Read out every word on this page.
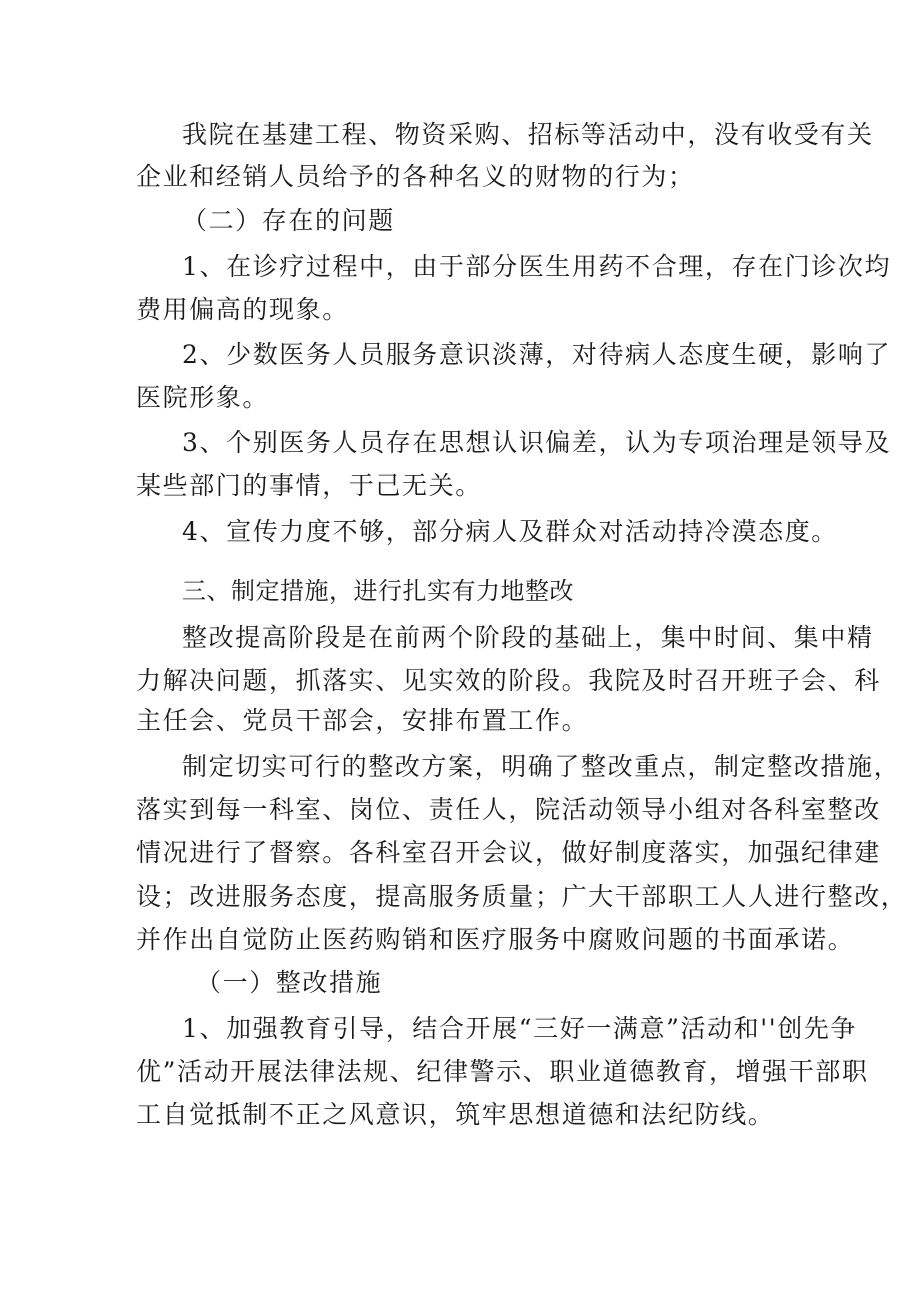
我院在基建工程、物资采购、招标等活动中，没有收受有关
企业和经销人员给予的各种名义的财物的行为；
（二）存在的问题
1、在诊疗过程中，由于部分医生用药不合理，存在门诊次均
费用偏高的现象。
2、少数医务人员服务意识淡薄，对待病人态度生硬，影响了
医院形象。
3、个别医务人员存在思想认识偏差，认为专项治理是领导及
某些部门的事情，于己无关。
4、宣传力度不够，部分病人及群众对活动持冷漠态度。
三、制定措施，进行扎实有力地整改
整改提高阶段是在前两个阶段的基础上，集中时间、集中精
力解决问题，抓落实、见实效的阶段。我院及时召开班子会、科
主任会、党员干部会，安排布置工作。
制定切实可行的整改方案，明确了整改重点，制定整改措施，
落实到每一科室、岗位、责任人，院活动领导小组对各科室整改
情况进行了督察。各科室召开会议，做好制度落实，加强纪律建
设；改进服务态度，提高服务质量；广大干部职工人人进行整改，
并作出自觉防止医药购销和医疗服务中腐败问题的书面承诺。
（一）整改措施
1、加强教育引导，结合开展“三好一满意”活动和''创先争
优”活动开展法律法规、纪律警示、职业道德教育，增强干部职
工自觉抵制不正之风意识，筑牢思想道德和法纪防线。
